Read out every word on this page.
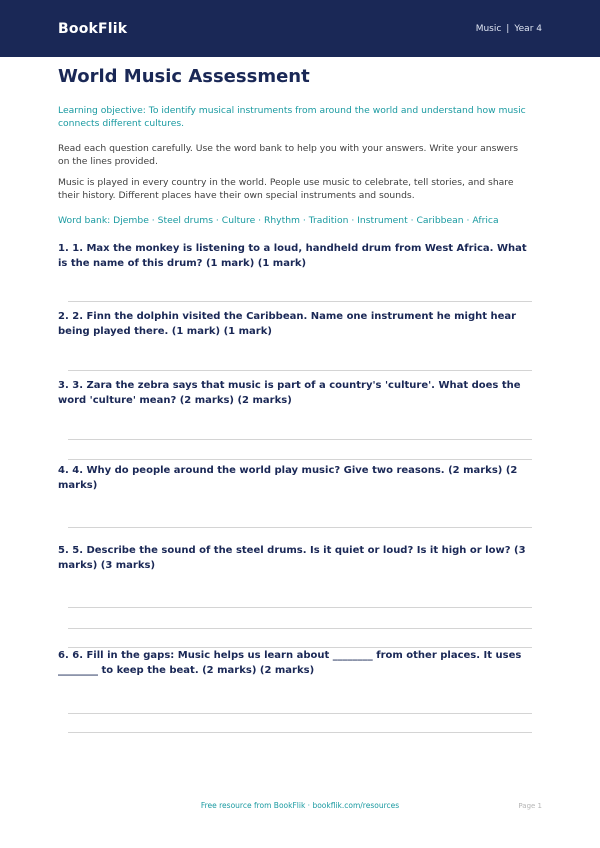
BookFlik	Music | Year 4
World Music Assessment

Learning objective: To identify musical instruments from around the world and understand how music connects different cultures.

Read each question carefully. Use the word bank to help you with your answers. Write your answers on the lines provided.

Music is played in every country in the world. People use music to celebrate, tell stories, and share their history. Different places have their own special instruments and sounds.

Word bank: Djembe · Steel drums · Culture · Rhythm · Tradition · Instrument · Caribbean · Africa

1. 1. Max the monkey is listening to a loud, handheld drum from West Africa. What is the name of this drum? (1 mark) (1 mark)
2. 2. Finn the dolphin visited the Caribbean. Name one instrument he might hear being played there. (1 mark) (1 mark)
3. 3. Zara the zebra says that music is part of a country's 'culture'. What does the word 'culture' mean? (2 marks) (2 marks)
4. 4. Why do people around the world play music? Give two reasons. (2 marks) (2 marks)
5. 5. Describe the sound of the steel drums. Is it quiet or loud? Is it high or low? (3 marks) (3 marks)
6. 6. Fill in the gaps: Music helps us learn about ________ from other places. It uses ________ to keep the beat. (2 marks) (2 marks)
Free resource from BookFlik · bookflik.com/resources	Page 1
